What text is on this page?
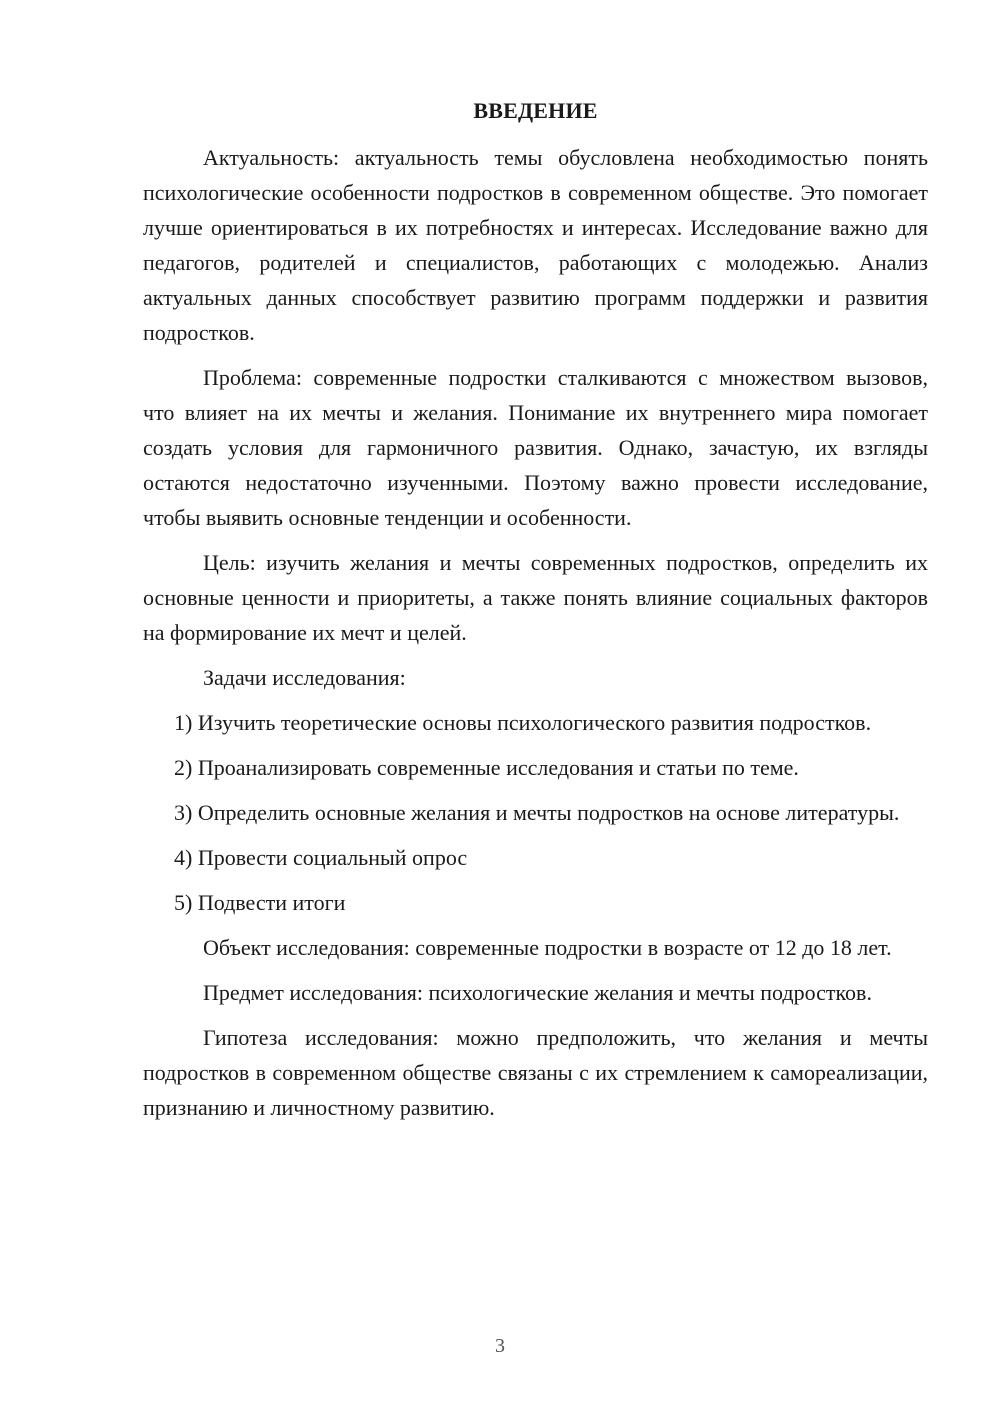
ВВЕДЕНИЕ

Актуальность: актуальность темы обусловлена необходимостью понять психологические особенности подростков в современном обществе. Это помогает лучше ориентироваться в их потребностях и интересах. Исследование важно для педагогов, родителей и специалистов, работающих с молодежью. Анализ актуальных данных способствует развитию программ поддержки и развития подростков.

Проблема: современные подростки сталкиваются с множеством вызовов, что влияет на их мечты и желания. Понимание их внутреннего мира помогает создать условия для гармоничного развития. Однако, зачастую, их взгляды остаются недостаточно изученными. Поэтому важно провести исследование, чтобы выявить основные тенденции и особенности.

Цель: изучить желания и мечты современных подростков, определить их основные ценности и приоритеты, а также понять влияние социальных факторов на формирование их мечт и целей.

Задачи исследования:

1) Изучить теоретические основы психологического развития подростков.

2) Проанализировать современные исследования и статьи по теме.

3) Определить основные желания и мечты подростков на основе литературы.

4) Провести социальный опрос

5) Подвести итоги

Объект исследования: современные подростки в возрасте от 12 до 18 лет.

Предмет исследования: психологические желания и мечты подростков.

Гипотеза исследования: можно предположить, что желания и мечты подростков в современном обществе связаны с их стремлением к самореализации, признанию и личностному развитию.

3
